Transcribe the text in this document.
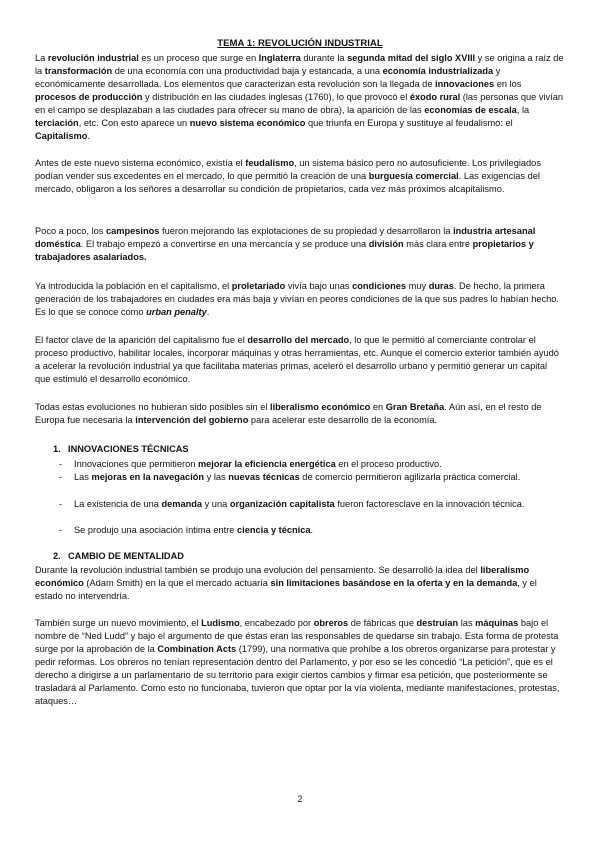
TEMA 1: REVOLUCIÓN INDUSTRIAL

La revolución industrial es un proceso que surge en Inglaterra durante la segunda mitad del siglo XVIII y se origina a raíz de la transformación de una economía con una productividad baja y estancada, a una economía industrializada y económicamente desarrollada. Los elementos que caracterizan esta revolución son la llegada de innovaciones en los procesos de producción y distribución en las ciudades inglesas (1760), lo que provocó el éxodo rural (las personas que vivían en el campo se desplazaban a las ciudades para ofrecer su mano de obra), la aparición de las economías de escala, la terciación, etc. Con esto aparece un nuevo sistema económico que triunfa en Europa y sustituye al feudalismo: el Capitalismo.

Antes de este nuevo sistema económico, existía el feudalismo, un sistema básico pero no autosuficiente. Los privilegiados podían vender sus excedentes en el mercado, lo que permitió la creación de una burguesía comercial. Las exigencias del mercado, obligaron a los señores a desarrollar su condición de propietarios, cada vez más próximos alcapitalismo.

Poco a poco, los campesinos fueron mejorando las explotaciones de su propiedad y desarrollaron la industria artesanal doméstica. El trabajo empezó a convertirse en una mercancía y se produce una división más clara entre propietarios y trabajadores asalariados.

Ya introducida la población en el capitalismo, el proletariado vivía bajo unas condiciones muy duras. De hecho, la primera generación de los trabajadores en ciudades era más baja y vivían en peores condiciones de la que sus padres lo habían hecho. Es lo que se conoce como urban penalty.

El factor clave de la aparición del capitalismo fue el desarrollo del mercado, lo que le permitió al comerciante controlar el proceso productivo, habilitar locales, incorporar máquinas y otras herramientas, etc. Aunque el comercio exterior también ayudó a acelerar la revolución industrial ya que facilitaba materias primas, aceleró el desarrollo urbano y permitió generar un capital que estimuló el desarrollo económico.

Todas estas evoluciones no hubieran sido posibles sin el liberalismo económico en Gran Bretaña. Aún así, en el resto de Europa fue necesaria la intervención del gobierno para acelerar este desarrollo de la economía.

1. INNOVACIONES TÉCNICAS

- Innovaciones que permitieron mejorar la eficiencia energética en el proceso productivo.

- Las mejoras en la navegación y las nuevas técnicas de comercio permitieron agilizarla práctica comercial.

- La existencia de una demanda y una organización capitalista fueron factoresclave en la innovación técnica.

- Se produjo una asociación íntima entre ciencia y técnica.

2. CAMBIO DE MENTALIDAD

Durante la revolución industrial también se produjo una evolución del pensamiento. Se desarrolló la idea del liberalismo económico (Adam Smith) en la que el mercado actuaría sin limitaciones basándose en la oferta y en la demanda, y el estado no intervendría.

También surge un nuevo movimiento, el Ludismo, encabezado por obreros de fábricas que destruían las máquinas bajo el nombre de “Ned Ludd” y bajo el argumento de que éstas eran las responsables de quedarse sin trabajo. Esta forma de protesta surge por la aprobación de la Combination Acts (1799), una normativa que prohíbe a los obreros organizarse para protestar y pedir reformas. Los obreros no tenían representación dentro del Parlamento, y por eso se les concedió “La petición”, que es el derecho a dirigirse a un parlamentario de su territorio para exigir ciertos cambios y firmar esa petición, que posteriormente se trasladará al Parlamento. Como esto no funcionaba, tuvieron que optar por la vía violenta, mediante manifestaciones, protestas, ataques…

2
